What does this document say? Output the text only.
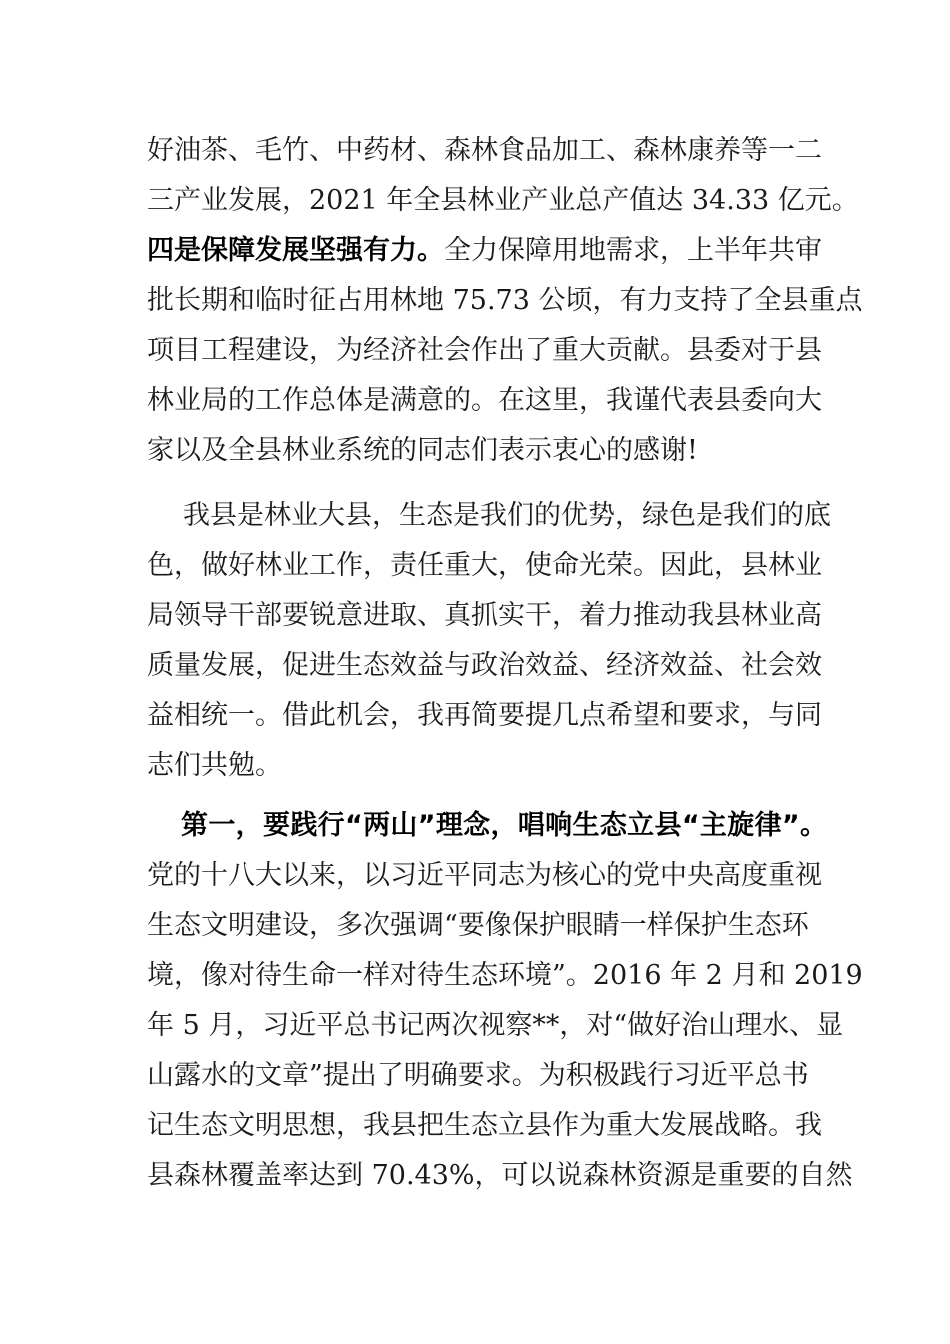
好油茶、毛竹、中药材、森林食品加工、森林康养等一二
三产业发展，2021 年全县林业产业总产值达 34.33 亿元。
四是保障发展坚强有力。全力保障用地需求，上半年共审
批长期和临时征占用林地 75.73 公顷，有力支持了全县重点
项目工程建设，为经济社会作出了重大贡献。县委对于县
林业局的工作总体是满意的。在这里，我谨代表县委向大
家以及全县林业系统的同志们表示衷心的感谢!
我县是林业大县，生态是我们的优势，绿色是我们的底
色，做好林业工作，责任重大，使命光荣。因此，县林业
局领导干部要锐意进取、真抓实干，着力推动我县林业高
质量发展，促进生态效益与政治效益、经济效益、社会效
益相统一。借此机会，我再简要提几点希望和要求，与同
志们共勉。
第一，要践行“两山”理念，唱响生态立县“主旋律”。
党的十八大以来，以习近平同志为核心的党中央高度重视
生态文明建设，多次强调“要像保护眼睛一样保护生态环
境，像对待生命一样对待生态环境”。2016 年 2 月和 2019
年 5 月，习近平总书记两次视察**，对“做好治山理水、显
山露水的文章”提出了明确要求。为积极践行习近平总书
记生态文明思想，我县把生态立县作为重大发展战略。我
县森林覆盖率达到 70.43%，可以说森林资源是重要的自然
